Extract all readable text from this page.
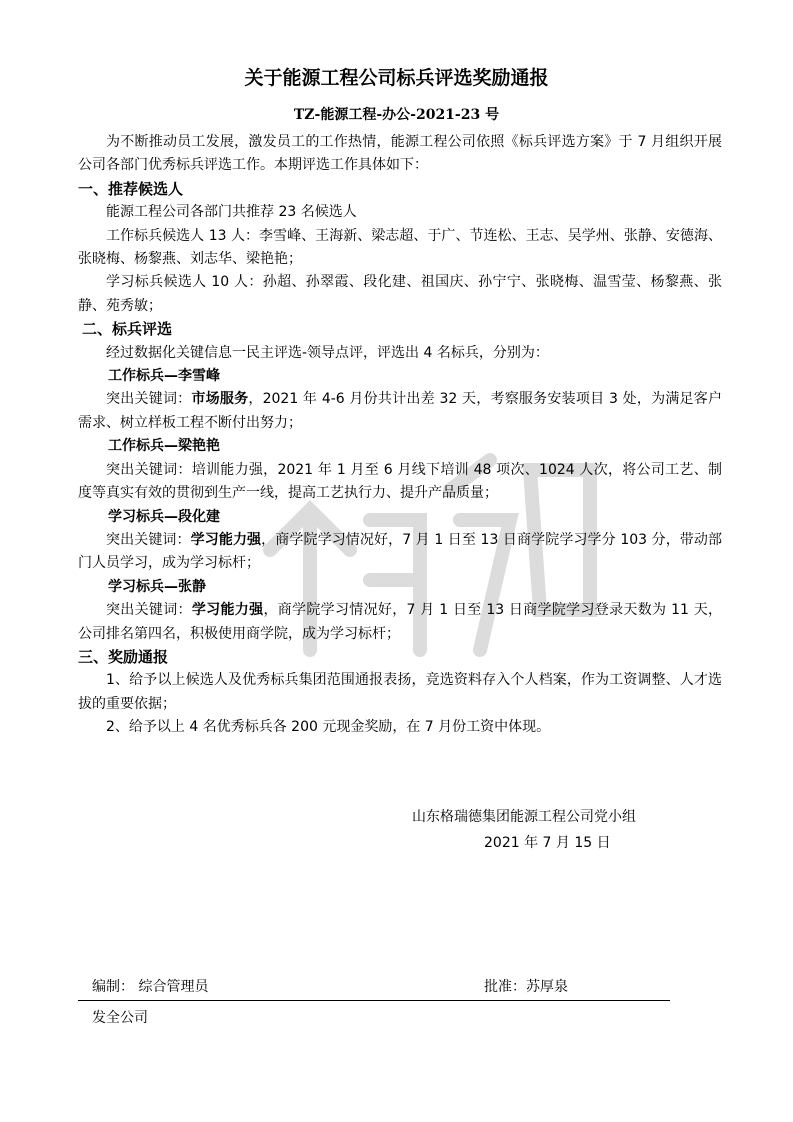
关于能源工程公司标兵评选奖励通报
TZ-能源工程-办公-2021-23 号

为不断推动员工发展，激发员工的工作热情，能源工程公司依照《标兵评选方案》于 7 月组织开展公司各部门优秀标兵评选工作。本期评选工作具体如下：

一、推荐候选人

能源工程公司各部门共推荐 23 名候选人

工作标兵候选人 13 人：李雪峰、王海新、梁志超、于广、节连松、王志、吴学州、张静、安德海、张晓梅、杨黎燕、刘志华、梁艳艳；

学习标兵候选人 10 人：孙超、孙翠霞、段化建、祖国庆、孙宁宁、张晓梅、温雪莹、杨黎燕、张静、苑秀敏；

二、标兵评选

经过数据化关键信息一民主评选-领导点评，评选出 4 名标兵，分别为：

工作标兵—李雪峰

突出关键词：市场服务，2021 年 4-6 月份共计出差 32 天，考察服务安装项目 3 处，为满足客户需求、树立样板工程不断付出努力；

工作标兵—梁艳艳

突出关键词：培训能力强，2021 年 1 月至 6 月线下培训 48 项次、1024 人次，将公司工艺、制度等真实有效的贯彻到生产一线，提高工艺执行力、提升产品质量；

学习标兵—段化建

突出关键词：学习能力强，商学院学习情况好，7 月 1 日至 13 日商学院学习学分 103 分，带动部门人员学习，成为学习标杆；

学习标兵—张静

突出关键词：学习能力强，商学院学习情况好，7 月 1 日至 13 日商学院学习登录天数为 11 天，公司排名第四名，积极使用商学院，成为学习标杆；

三、奖励通报

1、给予以上候选人及优秀标兵集团范围通报表扬，竞选资料存入个人档案，作为工资调整、人才选拔的重要依据；

2、给予以上 4 名优秀标兵各 200 元现金奖励，在 7 月份工资中体现。

山东格瑞德集团能源工程公司党小组
2021 年 7 月 15 日
编制： 综合管理员	批准：苏厚泉
发全公司
